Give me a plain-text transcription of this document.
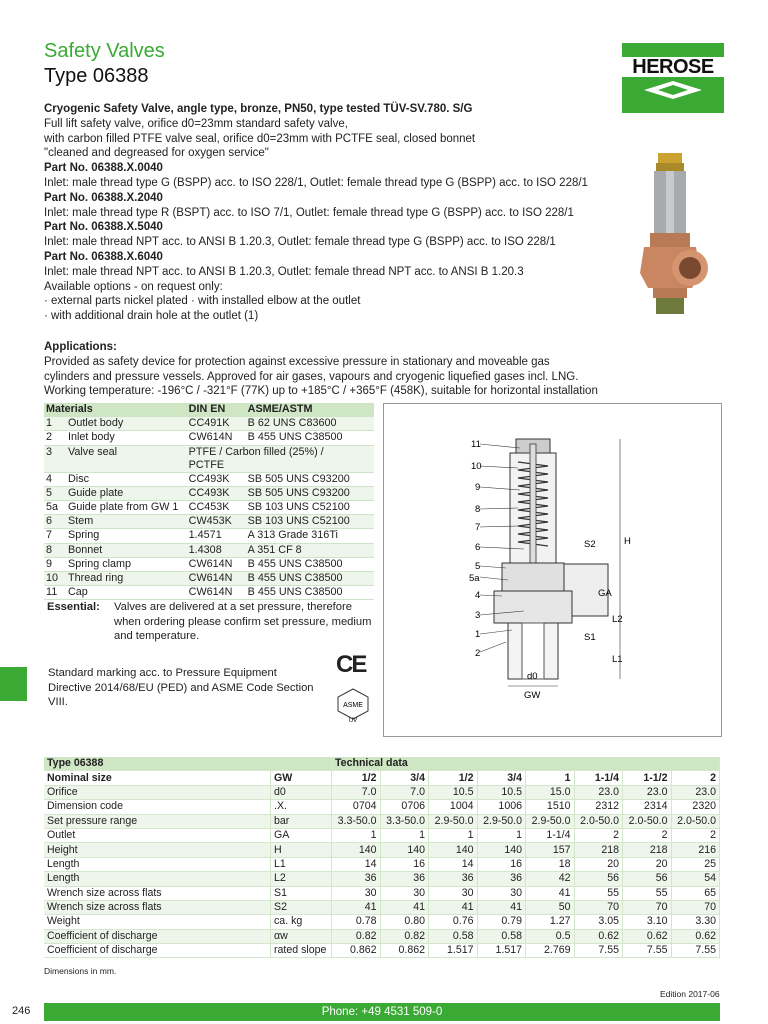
Safety Valves
Type 06388	HEROSE
Cryogenic Safety Valve, angle type, bronze, PN50, type tested TÜV-SV.780. S/G
Full lift safety valve, orifice d0=23mm standard safety valve,
with carbon filled PTFE valve seal, orifice d0=23mm with PCTFE seal, closed bonnet
"cleaned and degreased for oxygen service"
Part No. 06388.X.0040
Inlet: male thread type G (BSPP) acc. to ISO 228/1, Outlet: female thread type G (BSPP) acc. to ISO 228/1
Part No. 06388.X.2040
Inlet: male thread type R (BSPT) acc. to ISO 7/1, Outlet: female thread type G (BSPP) acc. to ISO 228/1
Part No. 06388.X.5040
Inlet: male thread NPT acc. to ANSI B 1.20.3, Outlet: female thread type G (BSPP) acc. to ISO 228/1
Part No. 06388.X.6040
Inlet: male thread NPT acc. to ANSI B 1.20.3, Outlet: female thread NPT acc. to ANSI B 1.20.3
Available options - on request only:
· external parts nickel plated · with installed elbow at the outlet
· with additional drain hole at the outlet (1)
Applications:
Provided as safety device for protection against excessive pressure in stationary and moveable gas
cylinders and pressure vessels. Approved for air gases, vapours and cryogenic liquefied gases incl. LNG.
Working temperature: -196°C / -321°F (77K) up to +185°C / +365°F (458K), suitable for horizontal installation
Materials		DIN EN	ASME/ASTM
1	Outlet body	CC491K	B 62 UNS C83600
2	Inlet body	CW614N	B 455 UNS C38500
3	Valve seal	PTFE / Carbon filled (25%) / PCTFE	
4	Disc	CC493K	SB 505 UNS C93200
5	Guide plate	CC493K	SB 505 UNS C93200
5a	Guide plate from GW 1	CC453K	SB 103 UNS C52100
6	Stem	CW453K	SB 103 UNS C52100
7	Spring	1.4571	A 313 Grade 316Ti
8	Bonnet	1.4308	A 351 CF 8
9	Spring clamp	CW614N	B 455 UNS C38500
10	Thread ring	CW614N	B 455 UNS C38500
11	Cap	CW614N	B 455 UNS C38500
Essential: Valves are delivered at a set pressure, therefore when ordering please confirm set pressure, medium and temperature.
Standard marking acc. to Pressure Equipment Directive 2014/68/EU (PED) and ASME Code Section VIII.
CE
ASME
UV
11
10
9
8
7
6
5
5a
4
3
1
2
S2
S1
H
GA
L2
L1
d0
GW
Type 06388		Technical data							
Nominal size	GW	1/2	3/4	1/2	3/4	1	1-1/4	1-1/2	2
Orifice	d0	7.0	7.0	10.5	10.5	15.0	23.0	23.0	23.0
Dimension code	.X.	0704	0706	1004	1006	1510	2312	2314	2320
Set pressure range	bar	3.3-50.0	3.3-50.0	2.9-50.0	2.9-50.0	2.9-50.0	2.0-50.0	2.0-50.0	2.0-50.0
Outlet	GA	1	1	1	1	1-1/4	2	2	2
Height	H	140	140	140	140	157	218	218	216
Length	L1	14	16	14	16	18	20	20	25
Length	L2	36	36	36	36	42	56	56	54
Wrench size across flats	S1	30	30	30	30	41	55	55	65
Wrench size across flats	S2	41	41	41	41	50	70	70	70
Weight	ca. kg	0.78	0.80	0.76	0.79	1.27	3.05	3.10	3.30
Coefficient of discharge	αw	0.82	0.82	0.58	0.58	0.5	0.62	0.62	0.62
Coefficient of discharge	rated slope	0.862	0.862	1.517	1.517	2.769	7.55	7.55	7.55
Dimensions in mm.
Edition 2017-06
246	Phone: +49 4531 509-0
